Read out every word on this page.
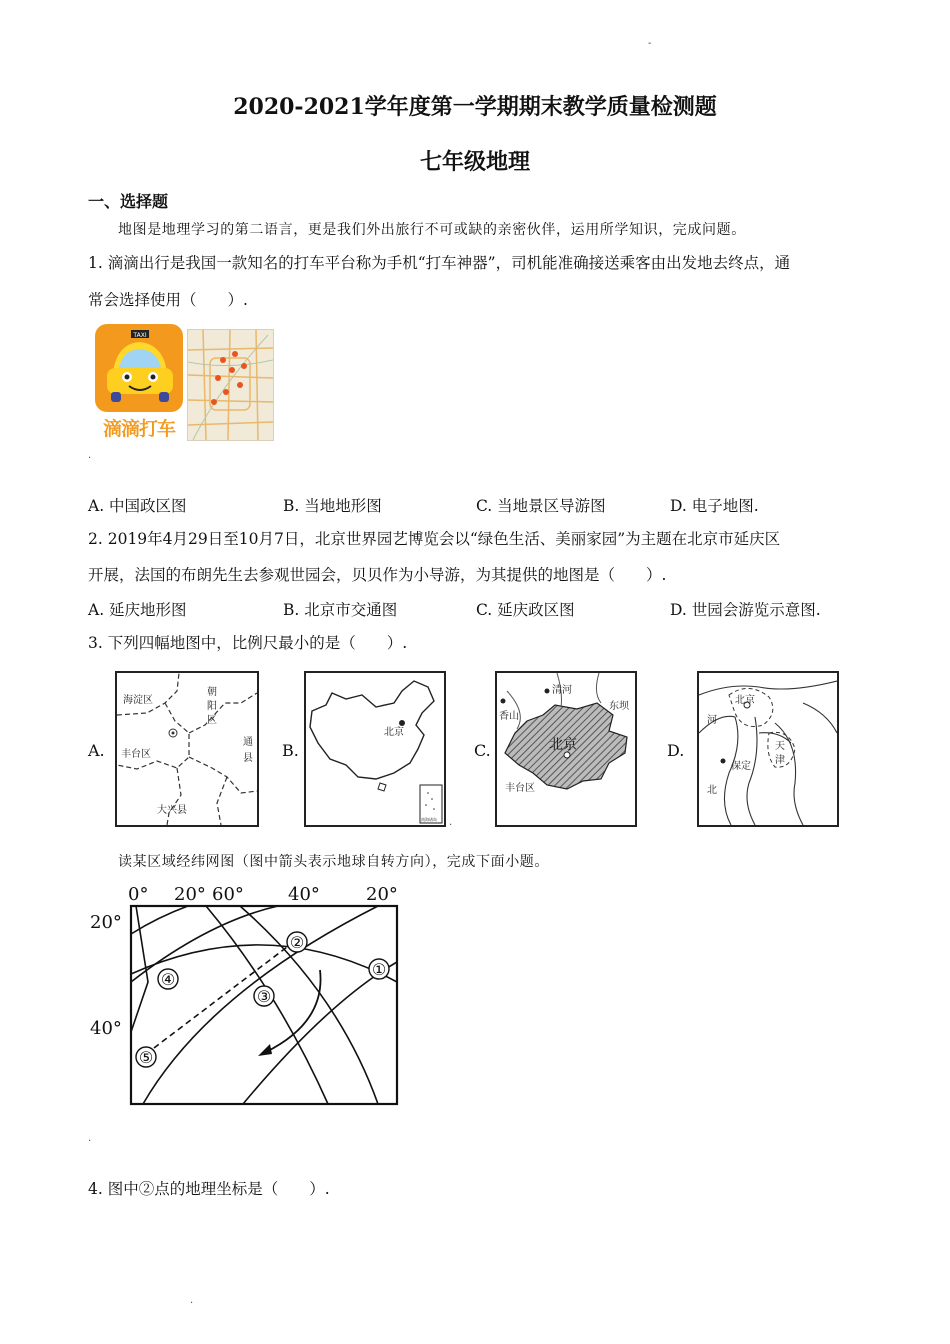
-
2020-2021学年度第一学期期末教学质量检测题
七年级地理
一、选择题
地图是地理学习的第二语言，更是我们外出旅行不可或缺的亲密伙伴，运用所学知识，完成问题。
1. 滴滴出行是我国一款知名的打车平台称为手机“打车神器”，司机能准确接送乘客由出发地去终点，通
常会选择使用（　　）.
TAXI
滴滴打车
.
A. 中国政区图	B. 当地地形图	C. 当地景区导游图	D. 电子地图.
2. 2019年4月29日至10月7日，北京世界园艺博览会以“绿色生活、美丽家园”为主题在北京市延庆区
开展，法国的布朗先生去参观世园会，贝贝作为小导游，为其提供的地图是（　　）.
A. 延庆地形图	B. 北京市交通图	C. 延庆政区图	D. 世园会游览示意图.
3. 下列四幅地图中，比例尺最小的是（　　）.
A.
海淀区
朝
阳
区
丰台区
通
县
大兴县
B.
北京
南海诸岛 .
C.
清河
东坝
香山
北京
丰台区
D.
北京
河
天
津
保定
北
读某区域经纬网图（图中箭头表示地球自转方向），完成下面小题。
0° 20° 60° 40°	20°
20°
40°
①
②
③
④
⑤
.
4. 图中②点的地理坐标是（　　）.
.
